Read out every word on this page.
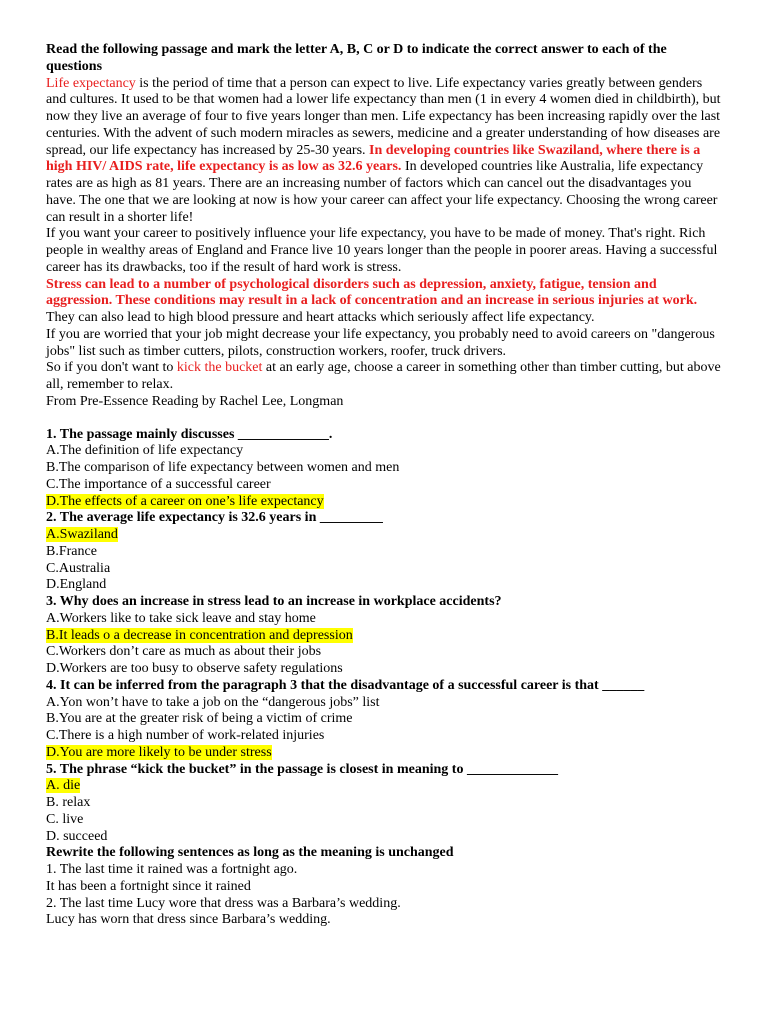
Read the following passage and mark the letter A, B, C or D to indicate the correct answer to each of the questions

Life expectancy is the period of time that a person can expect to live. Life expectancy varies greatly between genders and cultures. It used to be that women had a lower life expectancy than men (1 in every 4 women died in childbirth), but now they live an average of four to five years longer than men. Life expectancy has been increasing rapidly over the last centuries. With the advent of such modern miracles as sewers, medicine and a greater understanding of how diseases are spread, our life expectancy has increased by 25-30 years. In developing countries like Swaziland, where there is a high HIV/ AIDS rate, life expectancy is as low as 32.6 years. In developed countries like Australia, life expectancy rates are as high as 81 years. There are an increasing number of factors which can cancel out the disadvantages you have. The one that we are looking at now is how your career can affect your life expectancy. Choosing the wrong career can result in a shorter life!

If you want your career to positively influence your life expectancy, you have to be made of money. That's right. Rich people in wealthy areas of England and France live 10 years longer than the people in poorer areas. Having a successful career has its drawbacks, too if the result of hard work is stress.

Stress can lead to a number of psychological disorders such as depression, anxiety, fatigue, tension and aggression. These conditions may result in a lack of concentration and an increase in serious injuries at work. They can also lead to high blood pressure and heart attacks which seriously affect life expectancy.

If you are worried that your job might decrease your life expectancy, you probably need to avoid careers on "dangerous jobs" list such as timber cutters, pilots, construction workers, roofer, truck drivers.

So if you don't want to kick the bucket at an early age, choose a career in something other than timber cutting, but above all, remember to relax.

From Pre-Essence Reading by Rachel Lee, Longman

1. The passage mainly discusses _____________.

A.The definition of life expectancy
B.The comparison of life expectancy between women and men
C.The importance of a successful career
D.The effects of a career on one’s life expectancy

2. The average life expectancy is 32.6 years in _________

A.Swaziland
B.France
C.Australia
D.England

3. Why does an increase in stress lead to an increase in workplace accidents?

A.Workers like to take sick leave and stay home
B.It leads o a decrease in concentration and depression
C.Workers don’t care as much as about their jobs
D.Workers are too busy to observe safety regulations

4. It can be inferred from the paragraph 3 that the disadvantage of a successful career is that ______

A.Yon won’t have to take a job on the “dangerous jobs” list
B.You are at the greater risk of being a victim of crime
C.There is a high number of work-related injuries
D.You are more likely to be under stress

5. The phrase “kick the bucket” in the passage is closest in meaning to _____________

A. die
B. relax
C. live
D. succeed

Rewrite the following sentences as long as the meaning is unchanged

1. The last time it rained was a fortnight ago.

It has been a fortnight since it rained

2. The last time Lucy wore that dress was a Barbara’s wedding.

Lucy has worn that dress since Barbara’s wedding.
